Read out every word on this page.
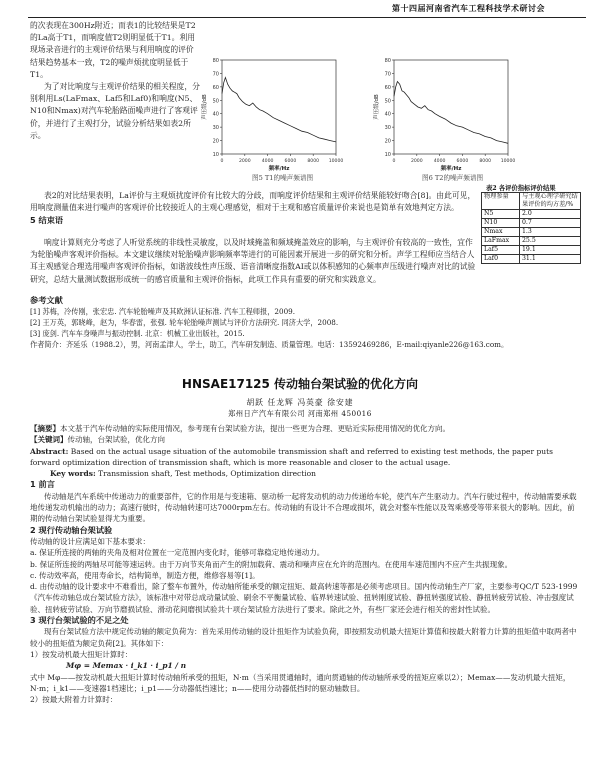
第十四届河南省汽车工程科技学术研讨会

的次表现在300Hz附近；而表1的比较结果是T2的La高于T1，而响度值T2则明显低于T1。利用现场录音进行的主观评价结果与利用响度的评价结果趋势基本一致，T2的噪声烦扰度明显低于T1。

为了对比响度与主观评价结果的相关程度，分别利用Ls(LaFmax、Laf5和Laf0)和响度(N5、N10和Nmax)对汽车轮胎路面噪声进行了客观评价，并进行了主观打分，试验分析结果如表2所示。

80
70
60
50
40
30
20
10
0	2000 4000 6000 8000 10000
频率/Hz
声压级/dB
图5 T1的噪声频谱图
80
70
60
50
40
30
20
10
0	2000 4000 6000 8000 10000
频率/Hz
声压级/dB
图6 T2的噪声频谱图
表2 各评价指标评价结果
物理参量	与主观心理学研究结果评价的均方差/%
N5	2.0
N10	0.7
Nmax	1.3
LaFmax	25.5
Laf5	19.1
Laf0	31.1

表2的对比结果表明，La评价与主观烦扰度评价有比较大的分歧，而响度评价结果和主观评价结果能较好吻合[8]。由此可见，用响度测量值来进行噪声的客观评价比较接近人的主观心理感觉，相对于主观和感官质量评价来说也是简单有效地判定方法。

5 结束语

响度计算则充分考虑了人听觉系统的非线性灵敏度，以及时域掩盖和频域掩盖效应的影响，与主观评价有较高的一致性，宜作为轮胎噪声客观评价指标。本文建议继续对轮胎噪声影响频率等进行的可能因素开展进一步的研究和分析。声学工程师应当结合人耳主观感觉合理选用噪声客观评价指标，如谐波线性声压级、语音清晰度指数AI或以体积感知的心频率声压级进行噪声对比的试验研究，总结大量测试数据形成统一的感官质量和主观评价指标，此项工作具有重要的研究和实践意义。

参考文献

[1] 苏梅，冷传刚，张宏忠. 汽车轮胎噪声及其欧洲认证标准. 汽车工程师报，2009.

[2] 王万英，郭晓峰，赵为，华春雷，张强. 轮车轮胎噪声测试与评价方法研究. 同济大学，2008.

[3] 庞剑. 汽车车身噪声与振动控制. 北京：机械工业出版社，2015.

作者简介：齐延乐（1988.2），男，河南孟津人，学士，助工，汽车研发制造、质量管理。电话：13592469286，E-mail:qiyanle226@163.com。

HNSAE17125 传动轴台架试验的优化方向
胡跃 任龙辉 冯英豪 徐安建
郑州日产汽车有限公司 河南郑州 450016

【摘要】本文基于汽车传动轴的实际使用情况，参考现有台架试验方法，提出一些更为合理、更贴近实际使用情况的优化方向。

【关键词】传动轴，台架试验，优化方向

Abstract: Based on the actual usage situation of the automobile transmission shaft and referred to existing test methods, the paper puts forward optimization direction of transmission shaft, which is more reasonable and closer to the actual usage.

Key words: Transmission shaft, Test methods, Optimization direction

1 前言

传动轴是汽车系统中传递动力的重要部件，它的作用是与变速箱、驱动桥一起将发动机的动力传递给车轮，使汽车产生驱动力。汽车行驶过程中，传动轴需要承载地传递发动机输出的动力；高速行驶时，传动轴转速可达7000rpm左右。传动轴的有设计不合理或损坏，就会对整车性能以及驾乘感受等带来很大的影响。因此，前期的传动轴台架试验显得尤为重要。

2 现行传动轴台架试验

传动轴的设计应满足如下基本要求：

a. 保证所连接的两轴的夹角及相对位置在一定范围内变化时，能够可靠稳定地传递动力。

b. 保证所连接的两轴尽可能等速运转。由于万向节夹角而产生的附加载荷、震动和噪声应在允许的范围内。在使用车速范围内不应产生共振现象。

c. 传动效率高，使用寿命长，结构简单，制造方便，维修容易等[1]。

d. 由传动轴的设计要求中不难看出，除了整车布置外，传动轴所能承受的额定扭矩、最高转速等都是必须考虑项目。国内传动轴生产厂家，主要参考QC/T 523-1999《汽车传动轴总成台架试验方法》，该标准中对带总成动量试验、刷余不平衡量试验、临界转速试验、扭转刚度试验、静扭转强度试验、静扭转疲劳试验、冲击强度试验、扭转疲劳试验、万向节磨损试验、滑动花间磨损试验共十项台架试验方法进行了要求。除此之外，有些厂家还会进行相关的密封性试验。

3 现行台架试验的不足之处

现有台架试验方法中规定传动轴的额定负荷为：首先采用传动轴的设计扭矩作为试验负荷，即按照发动机最大扭矩计算值和按最大附着力计算的扭矩值中取两者中较小的扭矩值为额定负荷[2]。其体如下：

1）按发动机最大扭矩计算时：

Mφ = Memax · i_k1 · i_p1 / n

式中 Mφ——按发动机最大扭矩计算时传动轴所承受的扭矩，N·m（当采用贯通轴时，通向贯通轴的传动轴所承受的扭矩应乘以2）；Memax——发动机最大扭矩，N·m；i_k1——变速器1档速比；i_p1——分动器低挡速比；n——使用分动器低挡时的驱动轴数目。

2）按最大附着力计算时：
